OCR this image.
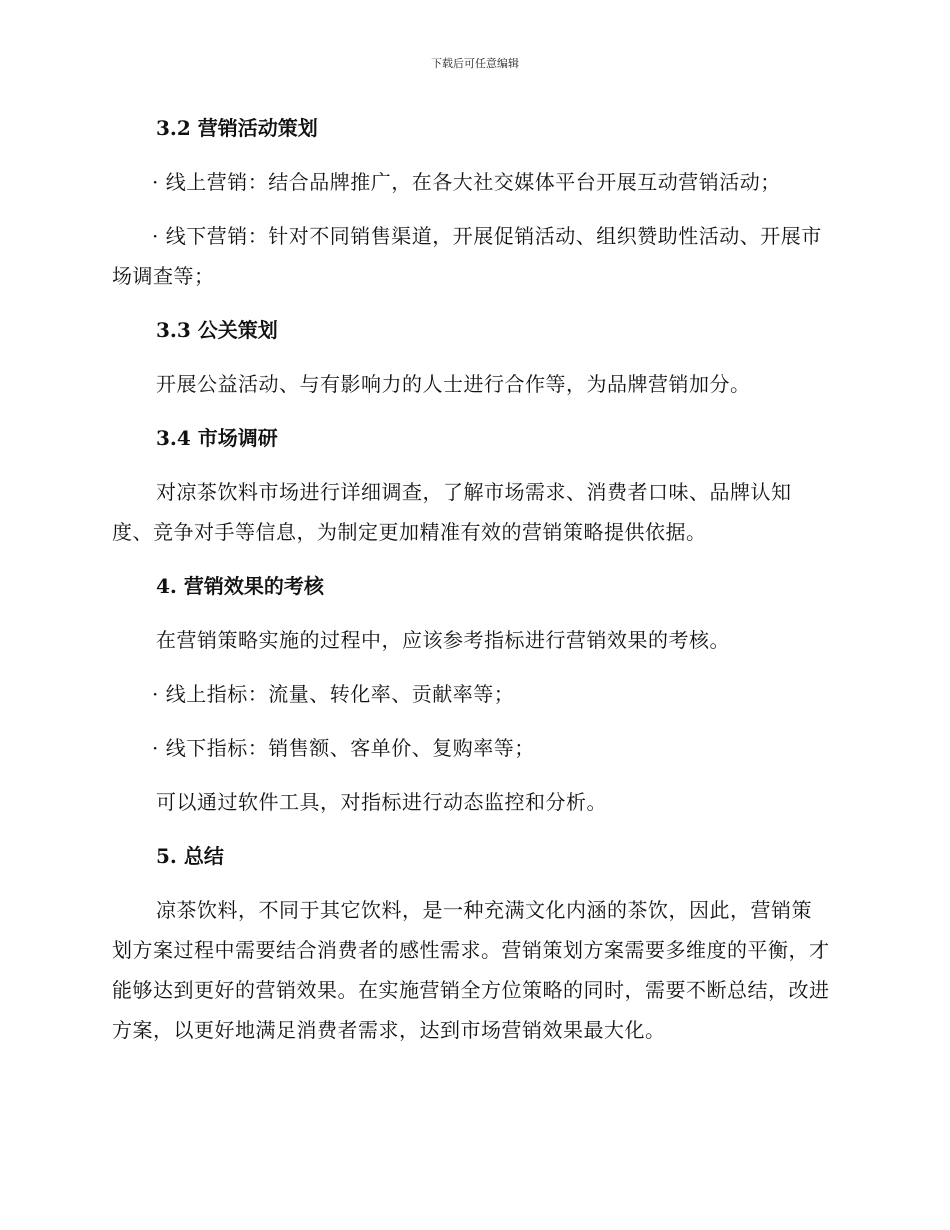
下载后可任意编辑
3.2 营销活动策划
· 线上营销：结合品牌推广，在各大社交媒体平台开展互动营销活动；
· 线下营销：针对不同销售渠道，开展促销活动、组织赞助性活动、开展市场调查等；
3.3 公关策划
开展公益活动、与有影响力的人士进行合作等，为品牌营销加分。
3.4 市场调研
对凉茶饮料市场进行详细调查，了解市场需求、消费者口味、品牌认知度、竞争对手等信息，为制定更加精准有效的营销策略提供依据。
4. 营销效果的考核
在营销策略实施的过程中，应该参考指标进行营销效果的考核。
· 线上指标：流量、转化率、贡献率等；
· 线下指标：销售额、客单价、复购率等；
可以通过软件工具，对指标进行动态监控和分析。
5. 总结
凉茶饮料，不同于其它饮料，是一种充满文化内涵的茶饮，因此，营销策划方案过程中需要结合消费者的感性需求。营销策划方案需要多维度的平衡，才能够达到更好的营销效果。在实施营销全方位策略的同时，需要不断总结，改进方案，以更好地满足消费者需求，达到市场营销效果最大化。
